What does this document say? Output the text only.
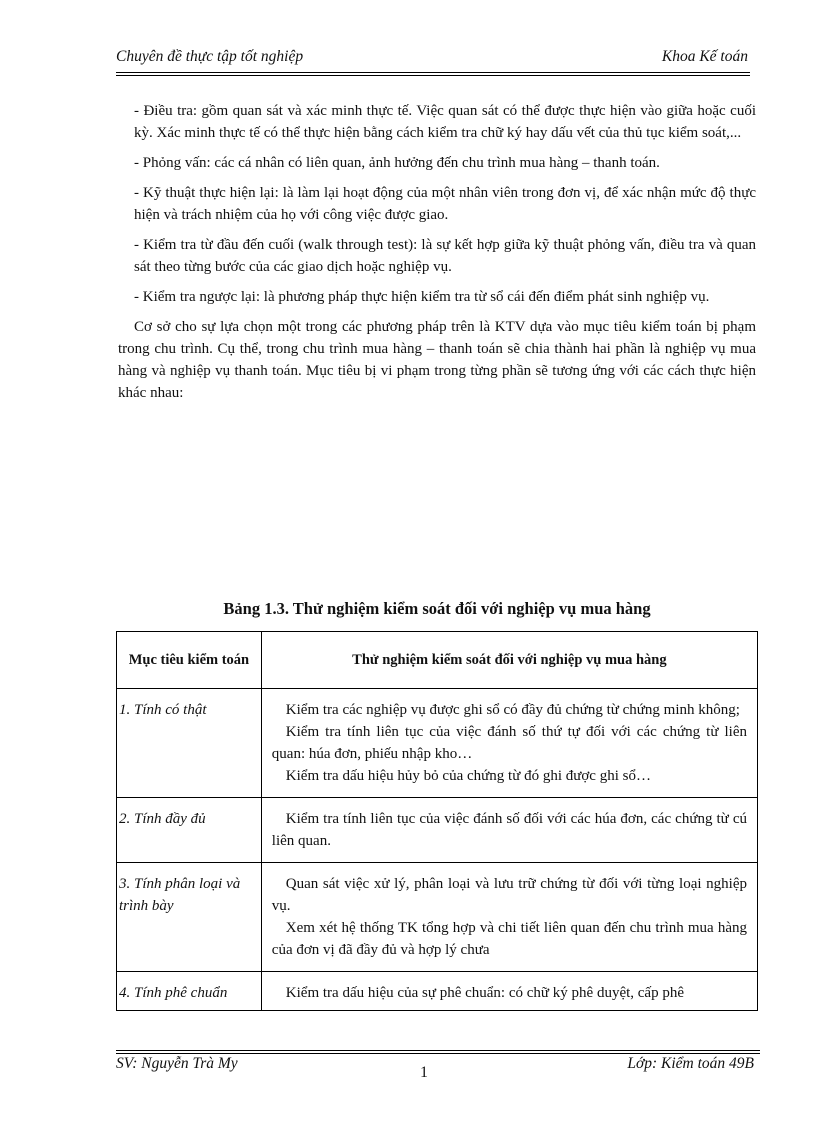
Chuyên đề thực tập tốt nghiệp	Khoa Kế toán

- Điều tra: gồm quan sát và xác minh thực tế. Việc quan sát có thể được thực hiện vào giữa hoặc cuối kỳ. Xác minh thực tế có thể thực hiện bằng cách kiểm tra chữ ký hay dấu vết của thủ tục kiểm soát,...

- Phỏng vấn: các cá nhân có liên quan, ảnh hưởng đến chu trình mua hàng – thanh toán.

- Kỹ thuật thực hiện lại: là làm lại hoạt động của một nhân viên trong đơn vị, để xác nhận mức độ thực hiện và trách nhiệm của họ với công việc được giao.

- Kiểm tra từ đầu đến cuối (walk through test): là sự kết hợp giữa kỹ thuật phỏng vấn, điều tra và quan sát theo từng bước của các giao dịch hoặc nghiệp vụ.

- Kiểm tra ngược lại: là phương pháp thực hiện kiểm tra từ sổ cái đến điểm phát sinh nghiệp vụ.

Cơ sở cho sự lựa chọn một trong các phương pháp trên là KTV dựa vào mục tiêu kiểm toán bị phạm trong chu trình. Cụ thể, trong chu trình mua hàng – thanh toán sẽ chia thành hai phần là nghiệp vụ mua hàng và nghiệp vụ thanh toán. Mục tiêu bị vi phạm trong từng phần sẽ tương ứng với các cách thực hiện khác nhau:

Bảng 1.3. Thử nghiệm kiểm soát đối với nghiệp vụ mua hàng
Mục tiêu kiểm toán	Thử nghiệm kiểm soát đối với nghiệp vụ mua hàng
1. Tính có thật	Kiểm tra các nghiệp vụ được ghi sổ có đầy đủ chứng từ chứng minh không;
Kiểm tra tính liên tục của việc đánh số thứ tự đối với các chứng từ liên quan: húa đơn, phiếu nhập kho…
Kiểm tra dấu hiệu hủy bỏ của chứng từ đó ghi được ghi sổ…

2. Tính đầy đủ	Kiểm tra tính liên tục của việc đánh số đối với các húa đơn, các chứng từ cú liên quan.

3. Tính phân loại và trình bày	Quan sát việc xử lý, phân loại và lưu trữ chứng từ đối với từng loại nghiệp vụ.
Xem xét hệ thống TK tổng hợp và chi tiết liên quan đến chu trình mua hàng của đơn vị đã đầy đủ và hợp lý chưa

4. Tính phê chuẩn	Kiểm tra dấu hiệu của sự phê chuẩn: có chữ ký phê duyệt, cấp phê
SV: Nguyễn Trà My	Lớp: Kiểm toán 49B
1
